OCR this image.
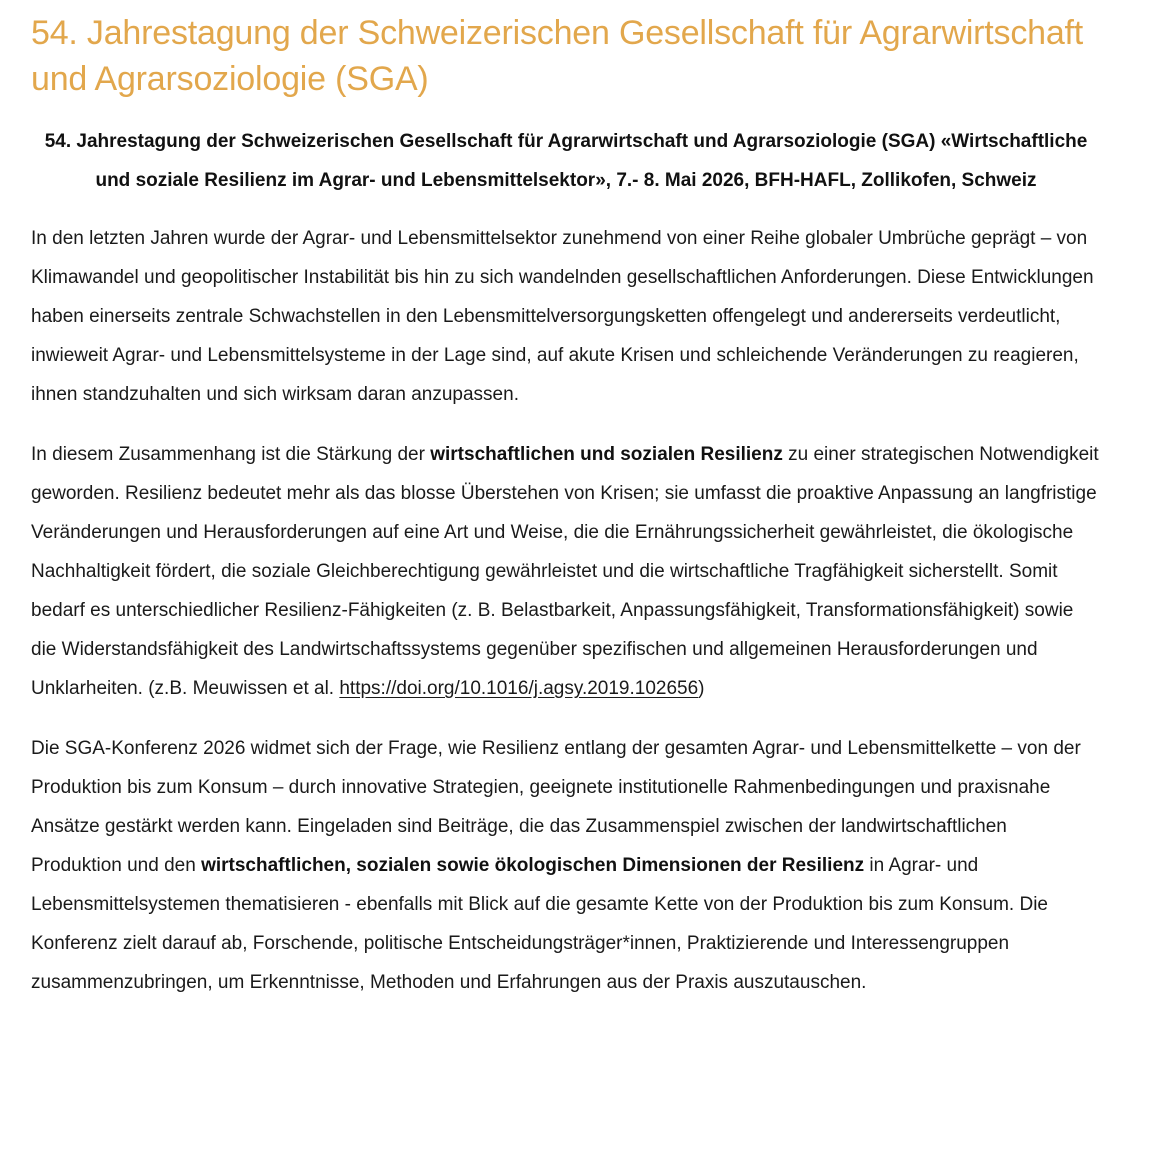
54. Jahrestagung der Schweizerischen Gesellschaft für Agrarwirtschaft und Agrarsoziologie (SGA)

54. Jahrestagung der Schweizerischen Gesellschaft für Agrarwirtschaft und Agrarsoziologie (SGA) «Wirtschaftliche und soziale Resilienz im Agrar- und Lebensmittelsektor», 7.- 8. Mai 2026, BFH-HAFL, Zollikofen, Schweiz

In den letzten Jahren wurde der Agrar- und Lebensmittelsektor zunehmend von einer Reihe globaler Umbrüche geprägt – von Klimawandel und geopolitischer Instabilität bis hin zu sich wandelnden gesellschaftlichen Anforderungen. Diese Entwicklungen haben einerseits zentrale Schwachstellen in den Lebensmittelversorgungsketten offengelegt und andererseits verdeutlicht, inwieweit Agrar- und Lebensmittelsysteme in der Lage sind, auf akute Krisen und schleichende Veränderungen zu reagieren, ihnen standzuhalten und sich wirksam daran anzupassen.

In diesem Zusammenhang ist die Stärkung der wirtschaftlichen und sozialen Resilienz zu einer strategischen Notwendigkeit geworden. Resilienz bedeutet mehr als das blosse Überstehen von Krisen; sie umfasst die proaktive Anpassung an langfristige Veränderungen und Herausforderungen auf eine Art und Weise, die die Ernährungssicherheit gewährleistet, die ökologische Nachhaltigkeit fördert, die soziale Gleichberechtigung gewährleistet und die wirtschaftliche Tragfähigkeit sicherstellt. Somit bedarf es unterschiedlicher Resilienz-Fähigkeiten (z. B. Belastbarkeit, Anpassungsfähigkeit, Transformationsfähigkeit) sowie die Widerstandsfähigkeit des Landwirtschaftssystems gegenüber spezifischen und allgemeinen Herausforderungen und Unklarheiten. (z.B. Meuwissen et al. https://doi.org/10.1016/j.agsy.2019.102656)

Die SGA-Konferenz 2026 widmet sich der Frage, wie Resilienz entlang der gesamten Agrar- und Lebensmittelkette – von der Produktion bis zum Konsum – durch innovative Strategien, geeignete institutionelle Rahmenbedingungen und praxisnahe Ansätze gestärkt werden kann. Eingeladen sind Beiträge, die das Zusammenspiel zwischen der landwirtschaftlichen Produktion und den wirtschaftlichen, sozialen sowie ökologischen Dimensionen der Resilienz in Agrar- und Lebensmittelsystemen thematisieren - ebenfalls mit Blick auf die gesamte Kette von der Produktion bis zum Konsum. Die Konferenz zielt darauf ab, Forschende, politische Entscheidungsträger*innen, Praktizierende und Interessengruppen zusammenzubringen, um Erkenntnisse, Methoden und Erfahrungen aus der Praxis auszutauschen.
